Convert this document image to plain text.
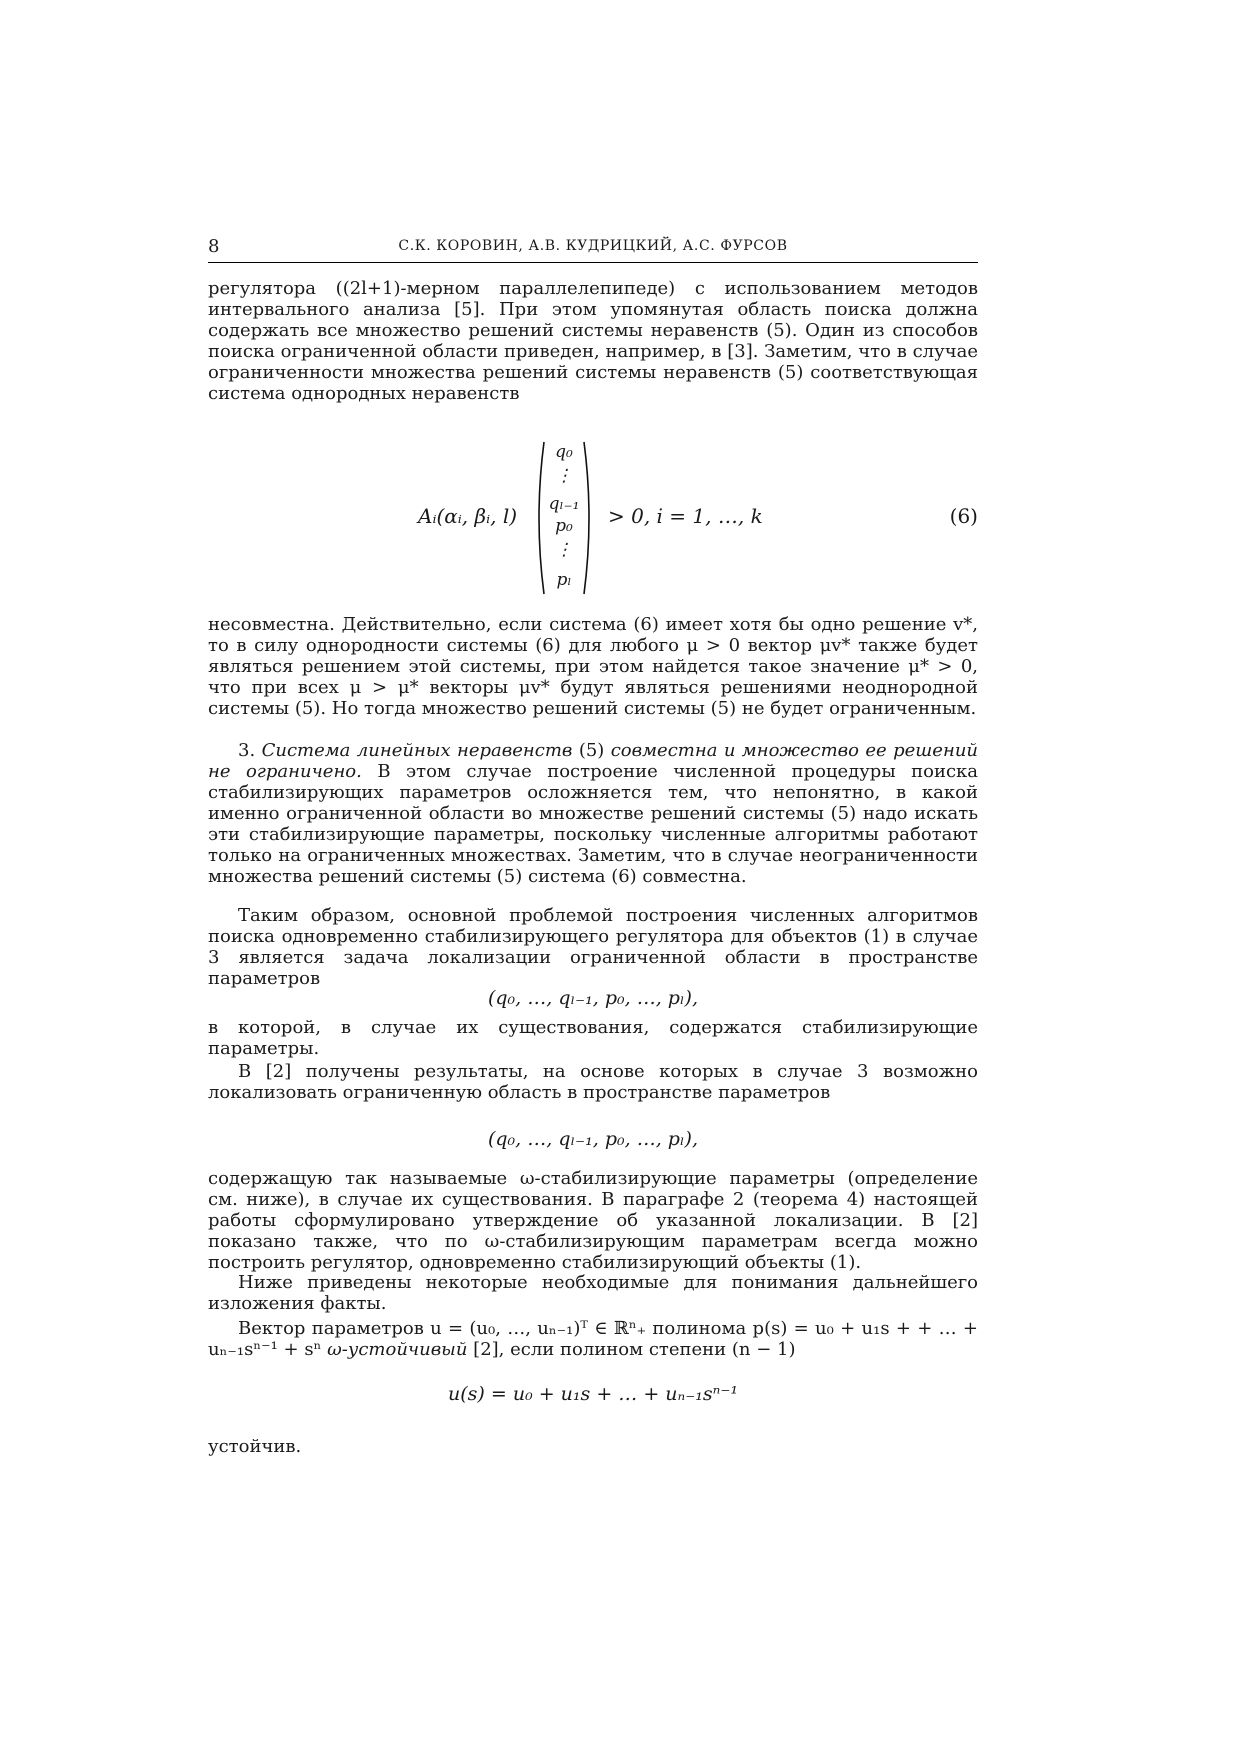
8	С.К. КОРОВИН, А.В. КУДРИЦКИЙ, А.С. ФУРСОВ

регулятора ((2l+1)-мерном параллелепипеде) с использованием методов интервального анализа [5]. При этом упомянутая область поиска должна содержать все множество решений системы неравенств (5). Один из способов поиска ограниченной области приведен, например, в [3]. Заметим, что в случае ограниченности множества решений системы неравенств (5) соответствующая система однородных неравенств

Aᵢ(αᵢ, βᵢ, l)
q₀
⋮
qₗ₋₁
p₀
⋮
pₗ
> 0, i = 1, …, k	(6)

несовместна. Действительно, если система (6) имеет хотя бы одно решение v*, то в силу однородности системы (6) для любого μ > 0 вектор μv* также будет являться решением этой системы, при этом найдется такое значение μ* > 0, что при всех μ > μ* векторы μv* будут являться решениями неоднородной системы (5). Но тогда множество решений системы (5) не будет ограниченным.

3. Система линейных неравенств (5) совместна и множество ее решений не ограничено. В этом случае построение численной процедуры поиска стабилизирующих параметров осложняется тем, что непонятно, в какой именно ограниченной области во множестве решений системы (5) надо искать эти стабилизирующие параметры, поскольку численные алгоритмы работают только на ограниченных множествах. Заметим, что в случае неограниченности множества решений системы (5) система (6) совместна.

Таким образом, основной проблемой построения численных алгоритмов поиска одновременно стабилизирующего регулятора для объектов (1) в случае 3 является задача локализации ограниченной области в пространстве параметров

(q₀, …, qₗ₋₁, p₀, …, pₗ),

в которой, в случае их существования, содержатся стабилизирующие параметры.

В [2] получены результаты, на основе которых в случае 3 возможно локализовать ограниченную область в пространстве параметров

(q₀, …, qₗ₋₁, p₀, …, pₗ),

содержащую так называемые ω-стабилизирующие параметры (определение см. ниже), в случае их существования. В параграфе 2 (теорема 4) настоящей работы сформулировано утверждение об указанной локализации. В [2] показано также, что по ω-стабилизирующим параметрам всегда можно построить регулятор, одновременно стабилизирующий объекты (1).

Ниже приведены некоторые необходимые для понимания дальнейшего изложения факты.

Вектор параметров u = (u₀, …, uₙ₋₁)ᵀ ∈ ℝⁿ₊ полинома p(s) = u₀ + u₁s + + … + uₙ₋₁sⁿ⁻¹ + sⁿ ω-устойчивый [2], если полином степени (n − 1)

u(s) = u₀ + u₁s + … + uₙ₋₁sⁿ⁻¹

устойчив.
